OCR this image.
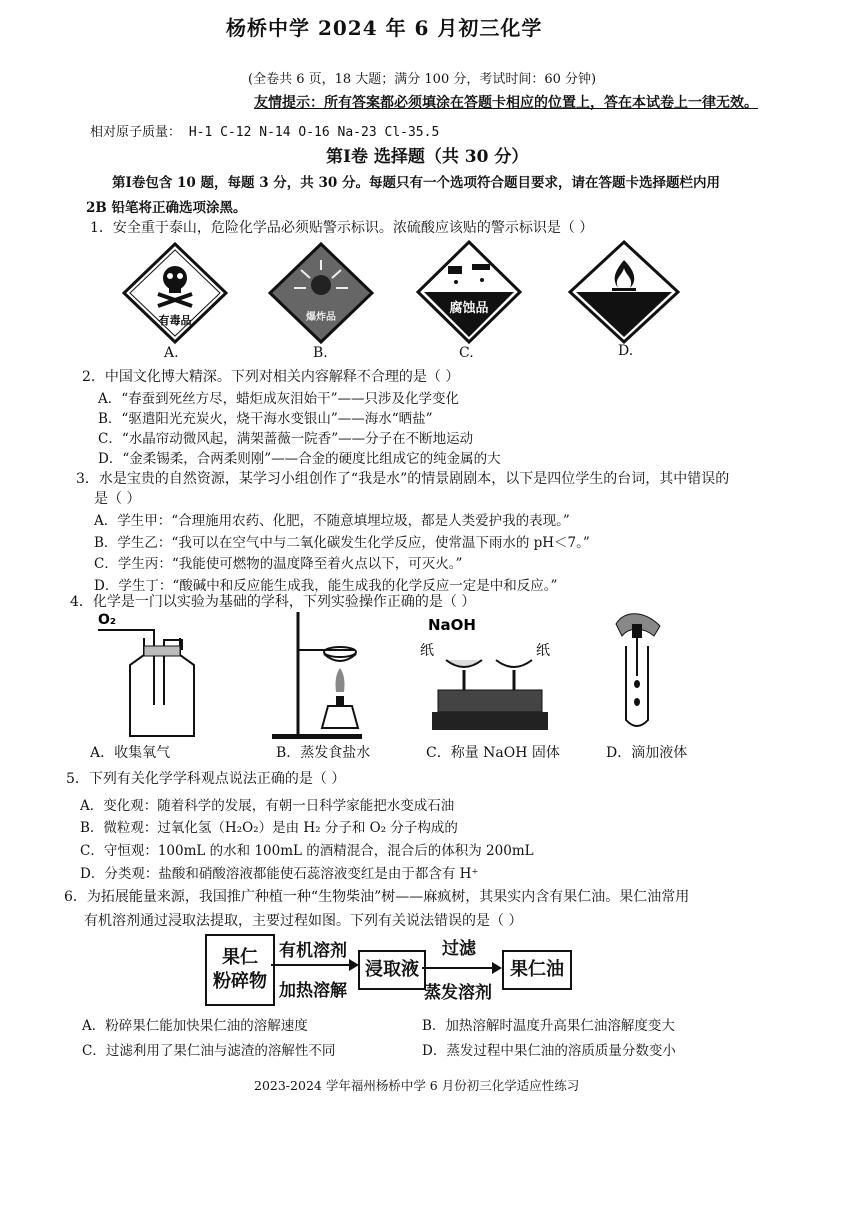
杨桥中学 2024 年 6 月初三化学
(全卷共 6 页，18 大题；满分 100 分，考试时间：60 分钟)
友情提示：所有答案都必须填涂在答题卡相应的位置上，答在本试卷上一律无效。
相对原子质量： H-1 C-12 N-14 O-16 Na-23 Cl-35.5
第Ⅰ卷 选择题（共 30 分）
第Ⅰ卷包含 10 题，每题 3 分，共 30 分。每题只有一个选项符合题目要求，请在答题卡选择题栏内用
2B 铅笔将正确选项涂黑。
1．安全重于泰山，危险化学品必须贴警示标识。浓硫酸应该贴的警示标识是（ ）
有毒品	爆炸品
腐蚀品
A.	B.	C.	D.
2．中国文化博大精深。下列对相关内容解释不合理的是（ ）
A．“春蚕到死丝方尽，蜡炬成灰泪始干”——只涉及化学变化
B．“驱遣阳光充炭火，烧干海水变银山”——海水“晒盐”
C．“水晶帘动微风起，满架蔷薇一院香”——分子在不断地运动
D．“金柔锡柔，合两柔则刚”——合金的硬度比组成它的纯金属的大
3．水是宝贵的自然资源，某学习小组创作了“我是水”的情景剧剧本，以下是四位学生的台词，其中错误的
是（ ）
A．学生甲：“合理施用农药、化肥，不随意填埋垃圾，都是人类爱护我的表现。”
B．学生乙：“我可以在空气中与二氧化碳发生化学反应，使常温下雨水的 pH＜7。”
C．学生丙：“我能使可燃物的温度降至着火点以下，可灭火。”
D．学生丁：“酸碱中和反应能生成我，能生成我的化学反应一定是中和反应。”
4．化学是一门以实验为基础的学科，下列实验操作正确的是（ ）
O₂	NaOH
纸	纸
A．收集氧气	B．蒸发食盐水	C．称量 NaOH 固体	D．滴加液体
5．下列有关化学学科观点说法正确的是（ ）
A．变化观：随着科学的发展，有朝一日科学家能把水变成石油
B．微粒观：过氧化氢（H₂O₂）是由 H₂ 分子和 O₂ 分子构成的
C．守恒观：100mL 的水和 100mL 的酒精混合，混合后的体积为 200mL
D．分类观：盐酸和硝酸溶液都能使石蕊溶液变红是由于都含有 H⁺
6．为拓展能量来源，我国推广种植一种“生物柴油”树——麻疯树，其果实内含有果仁油。果仁油常用
有机溶剂通过浸取法提取，主要过程如图。下列有关说法错误的是（ ）
果仁
粉碎物
有机溶剂
加热溶解
浸取液
过滤
蒸发溶剂
果仁油
A．粉碎果仁能加快果仁油的溶解速度	B．加热溶解时温度升高果仁油溶解度变大
C．过滤利用了果仁油与滤渣的溶解性不同	D．蒸发过程中果仁油的溶质质量分数变小
2023-2024 学年福州杨桥中学 6 月份初三化学适应性练习
